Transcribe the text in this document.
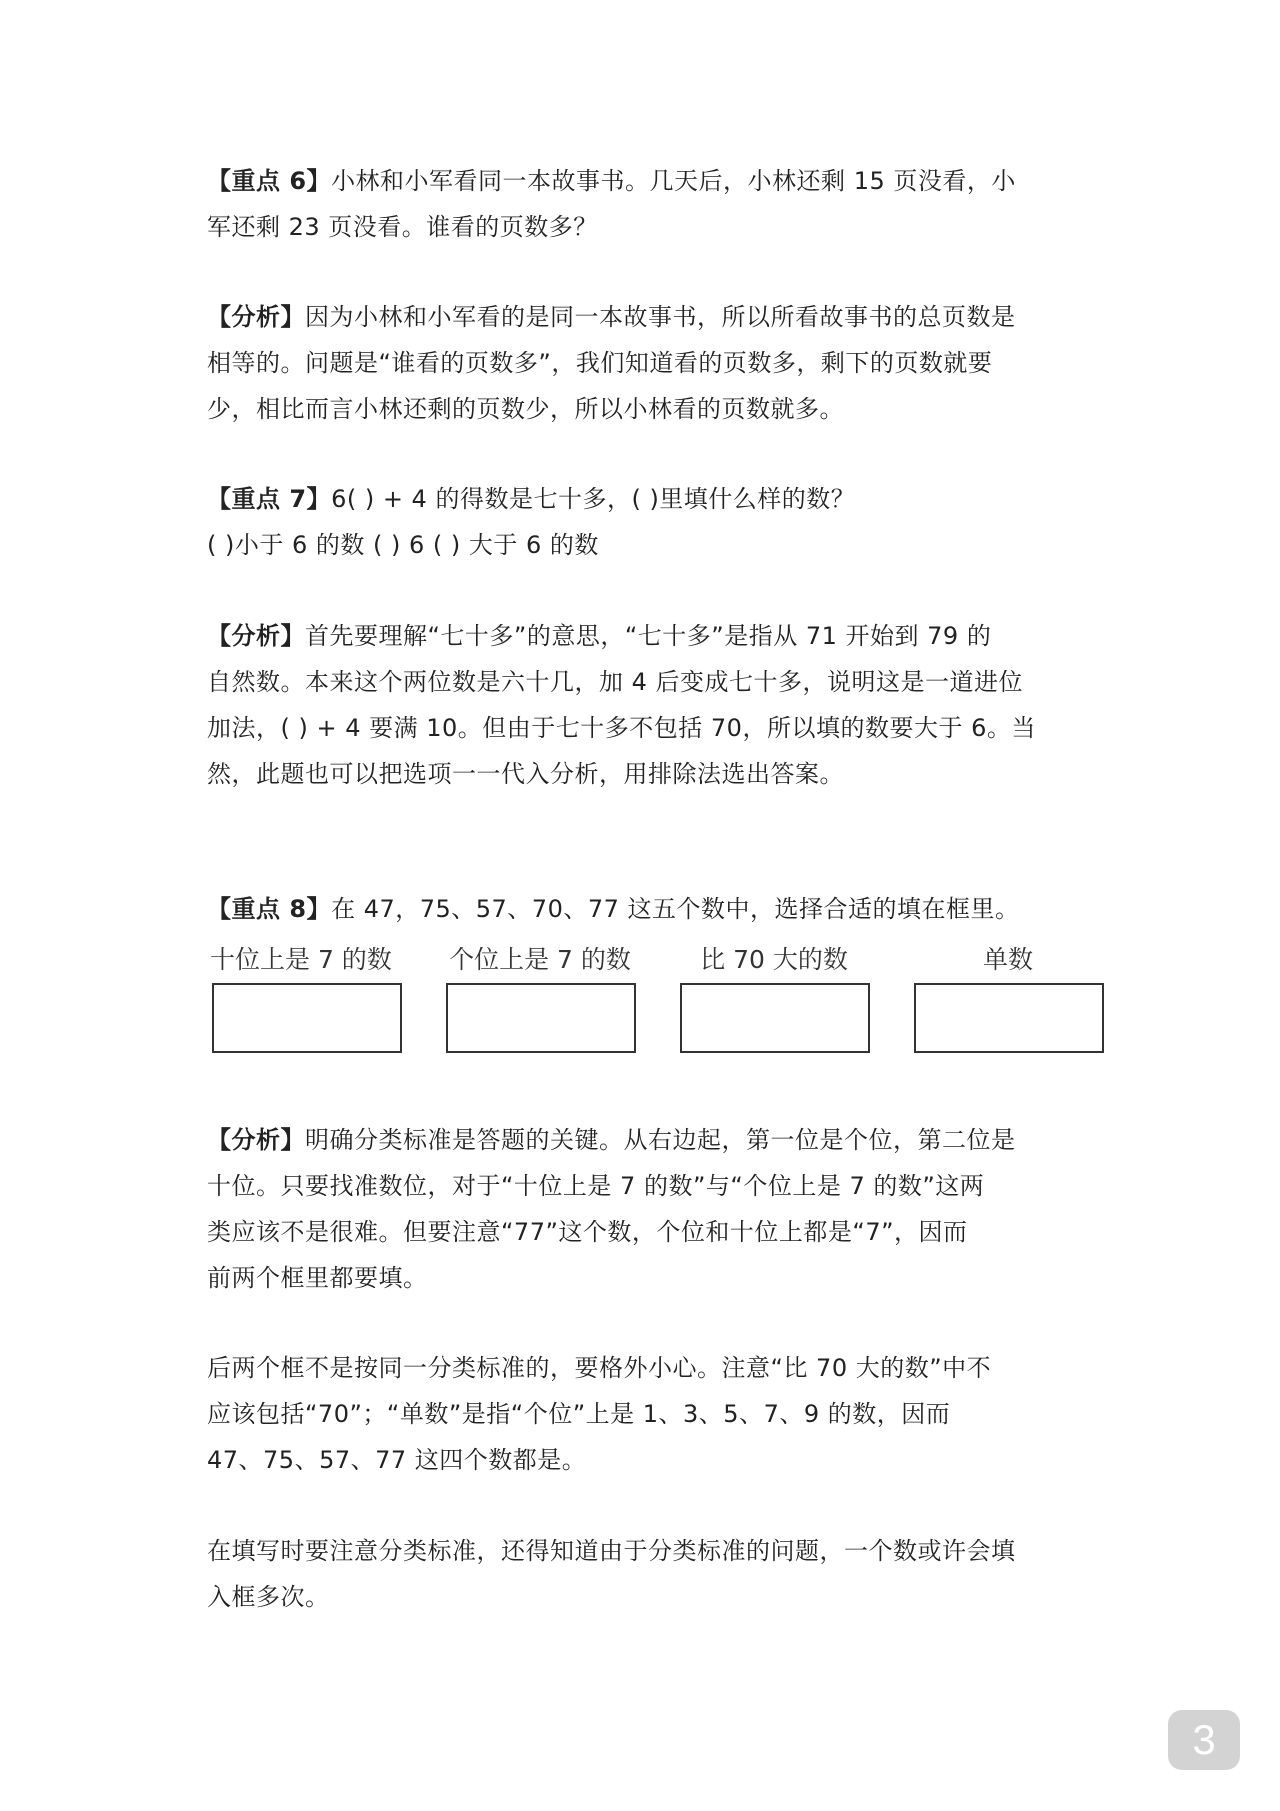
【重点 6】小林和小军看同一本故事书。几天后，小林还剩 15 页没看，小
军还剩 23 页没看。谁看的页数多？
【分析】因为小林和小军看的是同一本故事书，所以所看故事书的总页数是
相等的。问题是“谁看的页数多”，我们知道看的页数多，剩下的页数就要
少，相比而言小林还剩的页数少，所以小林看的页数就多。
【重点 7】6( ) + 4 的得数是七十多，( )里填什么样的数？
( )小于 6 的数 ( ) 6 ( ) 大于 6 的数
【分析】首先要理解“七十多”的意思，“七十多”是指从 71 开始到 79 的
自然数。本来这个两位数是六十几，加 4 后变成七十多，说明这是一道进位
加法，( ) + 4 要满 10。但由于七十多不包括 70，所以填的数要大于 6。当
然，此题也可以把选项一一代入分析，用排除法选出答案。
【重点 8】在 47，75、57、70、77 这五个数中，选择合适的填在框里。
十位上是 7 的数	个位上是 7 的数	比 70 大的数	单数
【分析】明确分类标准是答题的关键。从右边起，第一位是个位，第二位是
十位。只要找准数位，对于“十位上是 7 的数”与“个位上是 7 的数”这两
类应该不是很难。但要注意“77”这个数，个位和十位上都是“7”，因而
前两个框里都要填。
后两个框不是按同一分类标准的，要格外小心。注意“比 70 大的数”中不
应该包括“70”；“单数”是指“个位”上是 1、3、5、7、9 的数，因而
47、75、57、77 这四个数都是。
在填写时要注意分类标准，还得知道由于分类标准的问题，一个数或许会填
入框多次。
3
